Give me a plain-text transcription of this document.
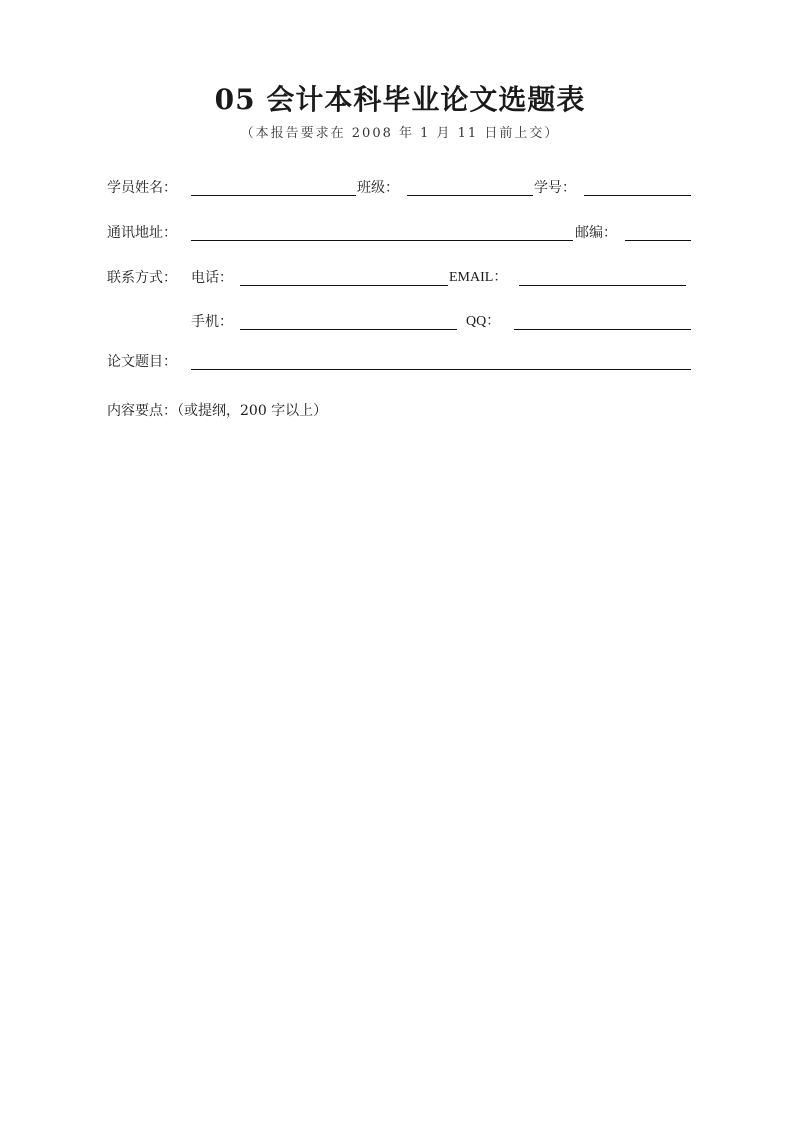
05 会计本科毕业论文选题表
（本报告要求在 2008 年 1 月 11 日前上交）
学员姓名：	班级：	学号：
通讯地址：	邮编：
联系方式： 电话：	EMAIL：
手机：	QQ：
论文题目：
内容要点：（或提纲，200 字以上）
